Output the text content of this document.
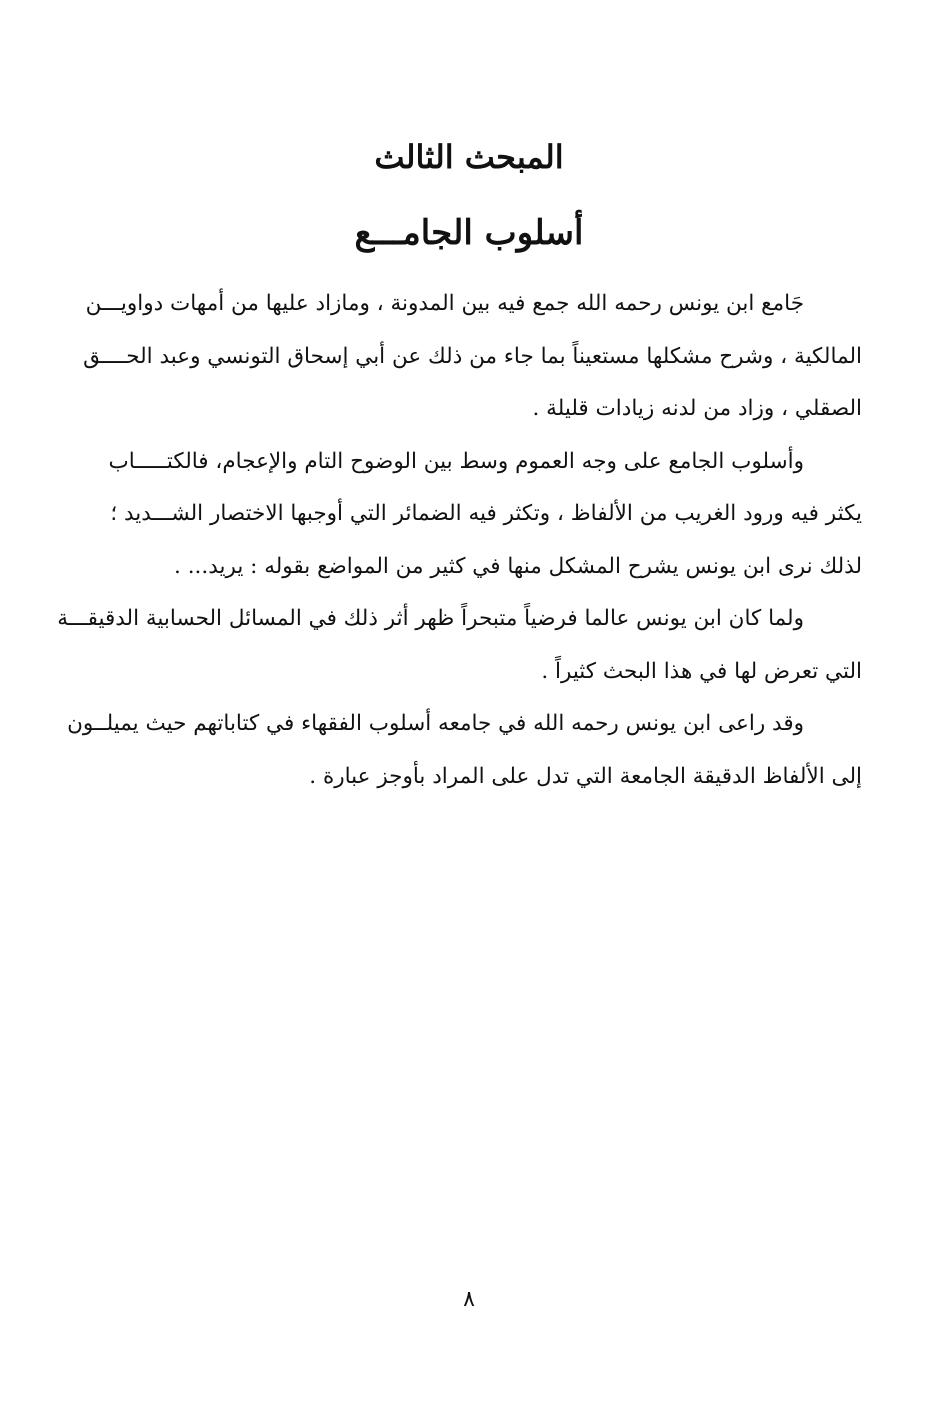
المبحث الثالث
أسلوب الجامـــع

جَامع ابن يونس رحمه الله جمع فيه بين المدونة ، ومازاد عليها من أمهات دواويـــن
المالكية ، وشرح مشكلها مستعيناً بما جاء من ذلك عن أبي إسحاق التونسي وعبد الحــــق
الصقلي ، وزاد من لدنه زيادات قليلة .

وأسلوب الجامع على وجه العموم وسط بين الوضوح التام والإعجام، فالكتـــــاب
يكثر فيه ورود الغريب من الألفاظ ، وتكثر فيه الضمائر التي أوجبها الاختصار الشـــديد ؛
لذلك نرى ابن يونس يشرح المشكل منها في كثير من المواضع بقوله : يريد... .

ولما كان ابن يونس عالما فرضياً متبحراً ظهر أثر ذلك في المسائل الحسابية الدقيقـــة
التي تعرض لها في هذا البحث كثيراً .

وقد راعى ابن يونس رحمه الله في جامعه أسلوب الفقهاء في كتاباتهم حيث يميلــون
إلى الألفاظ الدقيقة الجامعة التي تدل على المراد بأوجز عبارة .

٨
